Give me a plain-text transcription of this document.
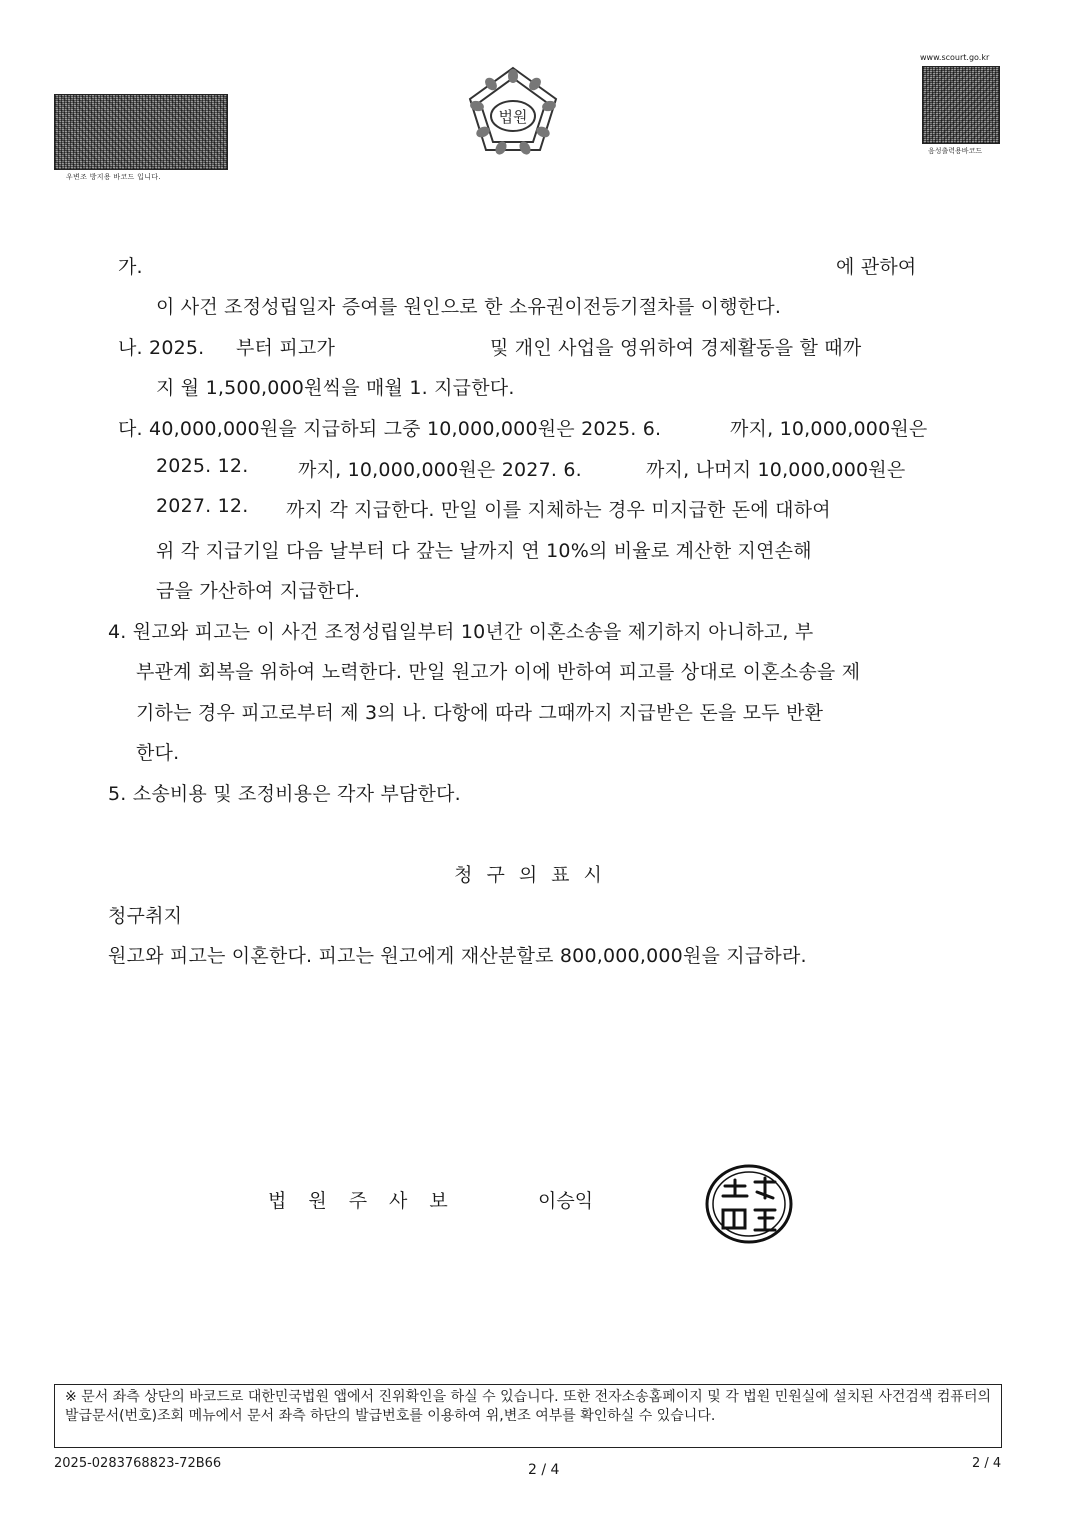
우변조 방지용 바코드 입니다.
법원
www.scourt.go.kr
음성출력용바코드
가.	에 관하여
이 사건 조정성립일자 증여를 원인으로 한 소유권이전등기절차를 이행한다.
나. 2025. 부터 피고가	및 개인 사업을 영위하여 경제활동을 할 때까
지 월 1,500,000원씩을 매월 1. 지급한다.
다. 40,000,000원을 지급하되 그중 10,000,000원은 2025. 6.	까지, 10,000,000원은
2025. 12.	까지, 10,000,000원은 2027. 6.	까지, 나머지 10,000,000원은
2027. 12. 까지 각 지급한다. 만일 이를 지체하는 경우 미지급한 돈에 대하여
위 각 지급기일 다음 날부터 다 갚는 날까지 연 10%의 비율로 계산한 지연손해
금을 가산하여 지급한다.
4. 원고와 피고는 이 사건 조정성립일부터 10년간 이혼소송을 제기하지 아니하고, 부
부관계 회복을 위하여 노력한다. 만일 원고가 이에 반하여 피고를 상대로 이혼소송을 제
기하는 경우 피고로부터 제 3의 나. 다항에 따라 그때까지 지급받은 돈을 모두 반환
한다.
5. 소송비용 및 조정비용은 각자 부담한다.
청구의표시
청구취지
원고와 피고는 이혼한다. 피고는 원고에게 재산분할로 800,000,000원을 지급하라.
법원주사보	이승익
※ 문서 좌측 상단의 바코드로 대한민국법원 앱에서 진위확인을 하실 수 있습니다. 또한 전자소송홈페이지 및 각 법원 민원실에 설치된 사건검색 컴퓨터의 발급문서(번호)조회 메뉴에서 문서 좌측 하단의 발급번호를 이용하여 위,변조 여부를 확인하실 수 있습니다.
2025-0283768823-72B66	2 / 4	2 / 4
